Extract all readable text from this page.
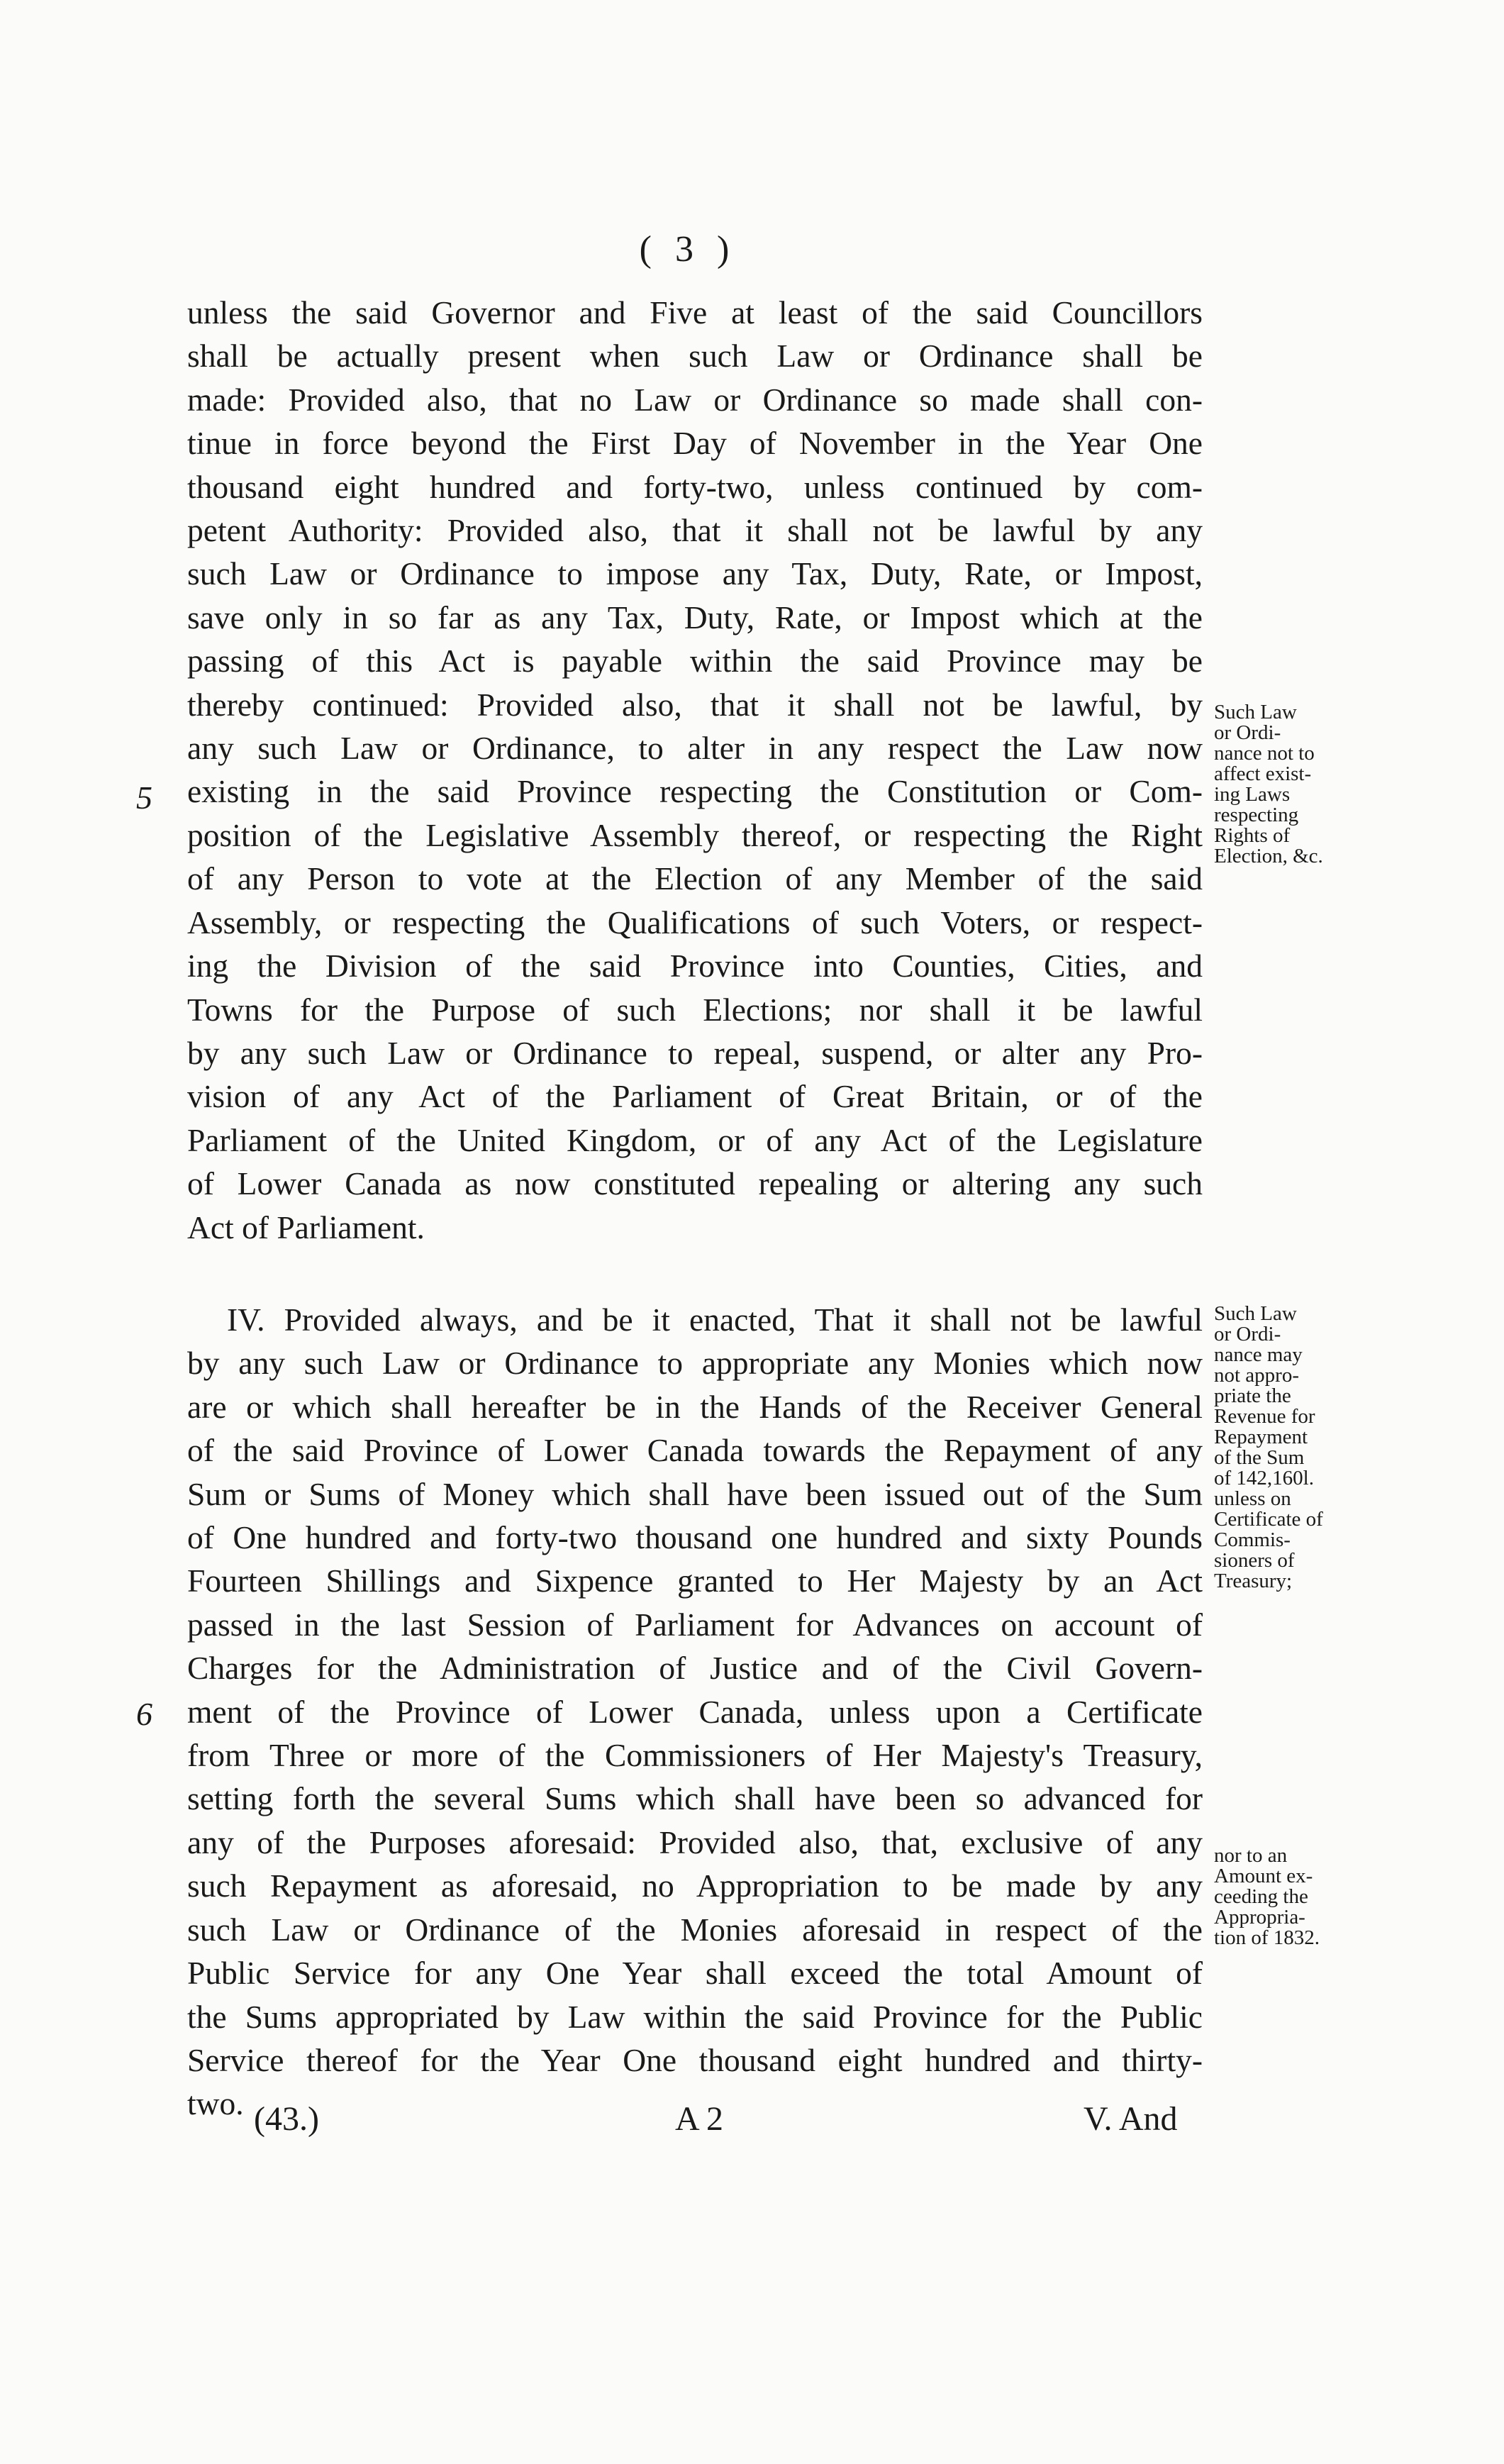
( 3 )
unless the said Governor and Five at least of the said Councillors
shall be actually present when such Law or Ordinance shall be
made: Provided also, that no Law or Ordinance so made shall con-
tinue in force beyond the First Day of November in the Year One
thousand eight hundred and forty-two, unless continued by com-
petent Authority: Provided also, that it shall not be lawful by any
such Law or Ordinance to impose any Tax, Duty, Rate, or Impost,
save only in so far as any Tax, Duty, Rate, or Impost which at the
passing of this Act is payable within the said Province may be
thereby continued: Provided also, that it shall not be lawful, by
any such Law or Ordinance, to alter in any respect the Law now
existing in the said Province respecting the Constitution or Com-
position of the Legislative Assembly thereof, or respecting the Right
of any Person to vote at the Election of any Member of the said
Assembly, or respecting the Qualifications of such Voters, or respect-
ing the Division of the said Province into Counties, Cities, and
Towns for the Purpose of such Elections; nor shall it be lawful
by any such Law or Ordinance to repeal, suspend, or alter any Pro-
vision of any Act of the Parliament of Great Britain, or of the
Parliament of the United Kingdom, or of any Act of the Legislature
of Lower Canada as now constituted repealing or altering any such
Act of Parliament.
IV. Provided always, and be it enacted, That it shall not be lawful
by any such Law or Ordinance to appropriate any Monies which now
are or which shall hereafter be in the Hands of the Receiver General
of the said Province of Lower Canada towards the Repayment of any
Sum or Sums of Money which shall have been issued out of the Sum
of One hundred and forty-two thousand one hundred and sixty Pounds
Fourteen Shillings and Sixpence granted to Her Majesty by an Act
passed in the last Session of Parliament for Advances on account of
Charges for the Administration of Justice and of the Civil Govern-
ment of the Province of Lower Canada, unless upon a Certificate
from Three or more of the Commissioners of Her Majesty's Treasury,
setting forth the several Sums which shall have been so advanced for
any of the Purposes aforesaid: Provided also, that, exclusive of any
such Repayment as aforesaid, no Appropriation to be made by any
such Law or Ordinance of the Monies aforesaid in respect of the
Public Service for any One Year shall exceed the total Amount of
the Sums appropriated by Law within the said Province for the Public
Service thereof for the Year One thousand eight hundred and thirty-
two.
5
6
Such Law
or Ordi-
nance not to
affect exist-
ing Laws
respecting
Rights of
Election, &c.
Such Law
or Ordi-
nance may
not appro-
priate the
Revenue for
Repayment
of the Sum
of 142,160l.
unless on
Certificate of
Commis-
sioners of
Treasury;
nor to an
Amount ex-
ceeding the
Appropria-
tion of 1832.
(43.)	A 2	V. And
